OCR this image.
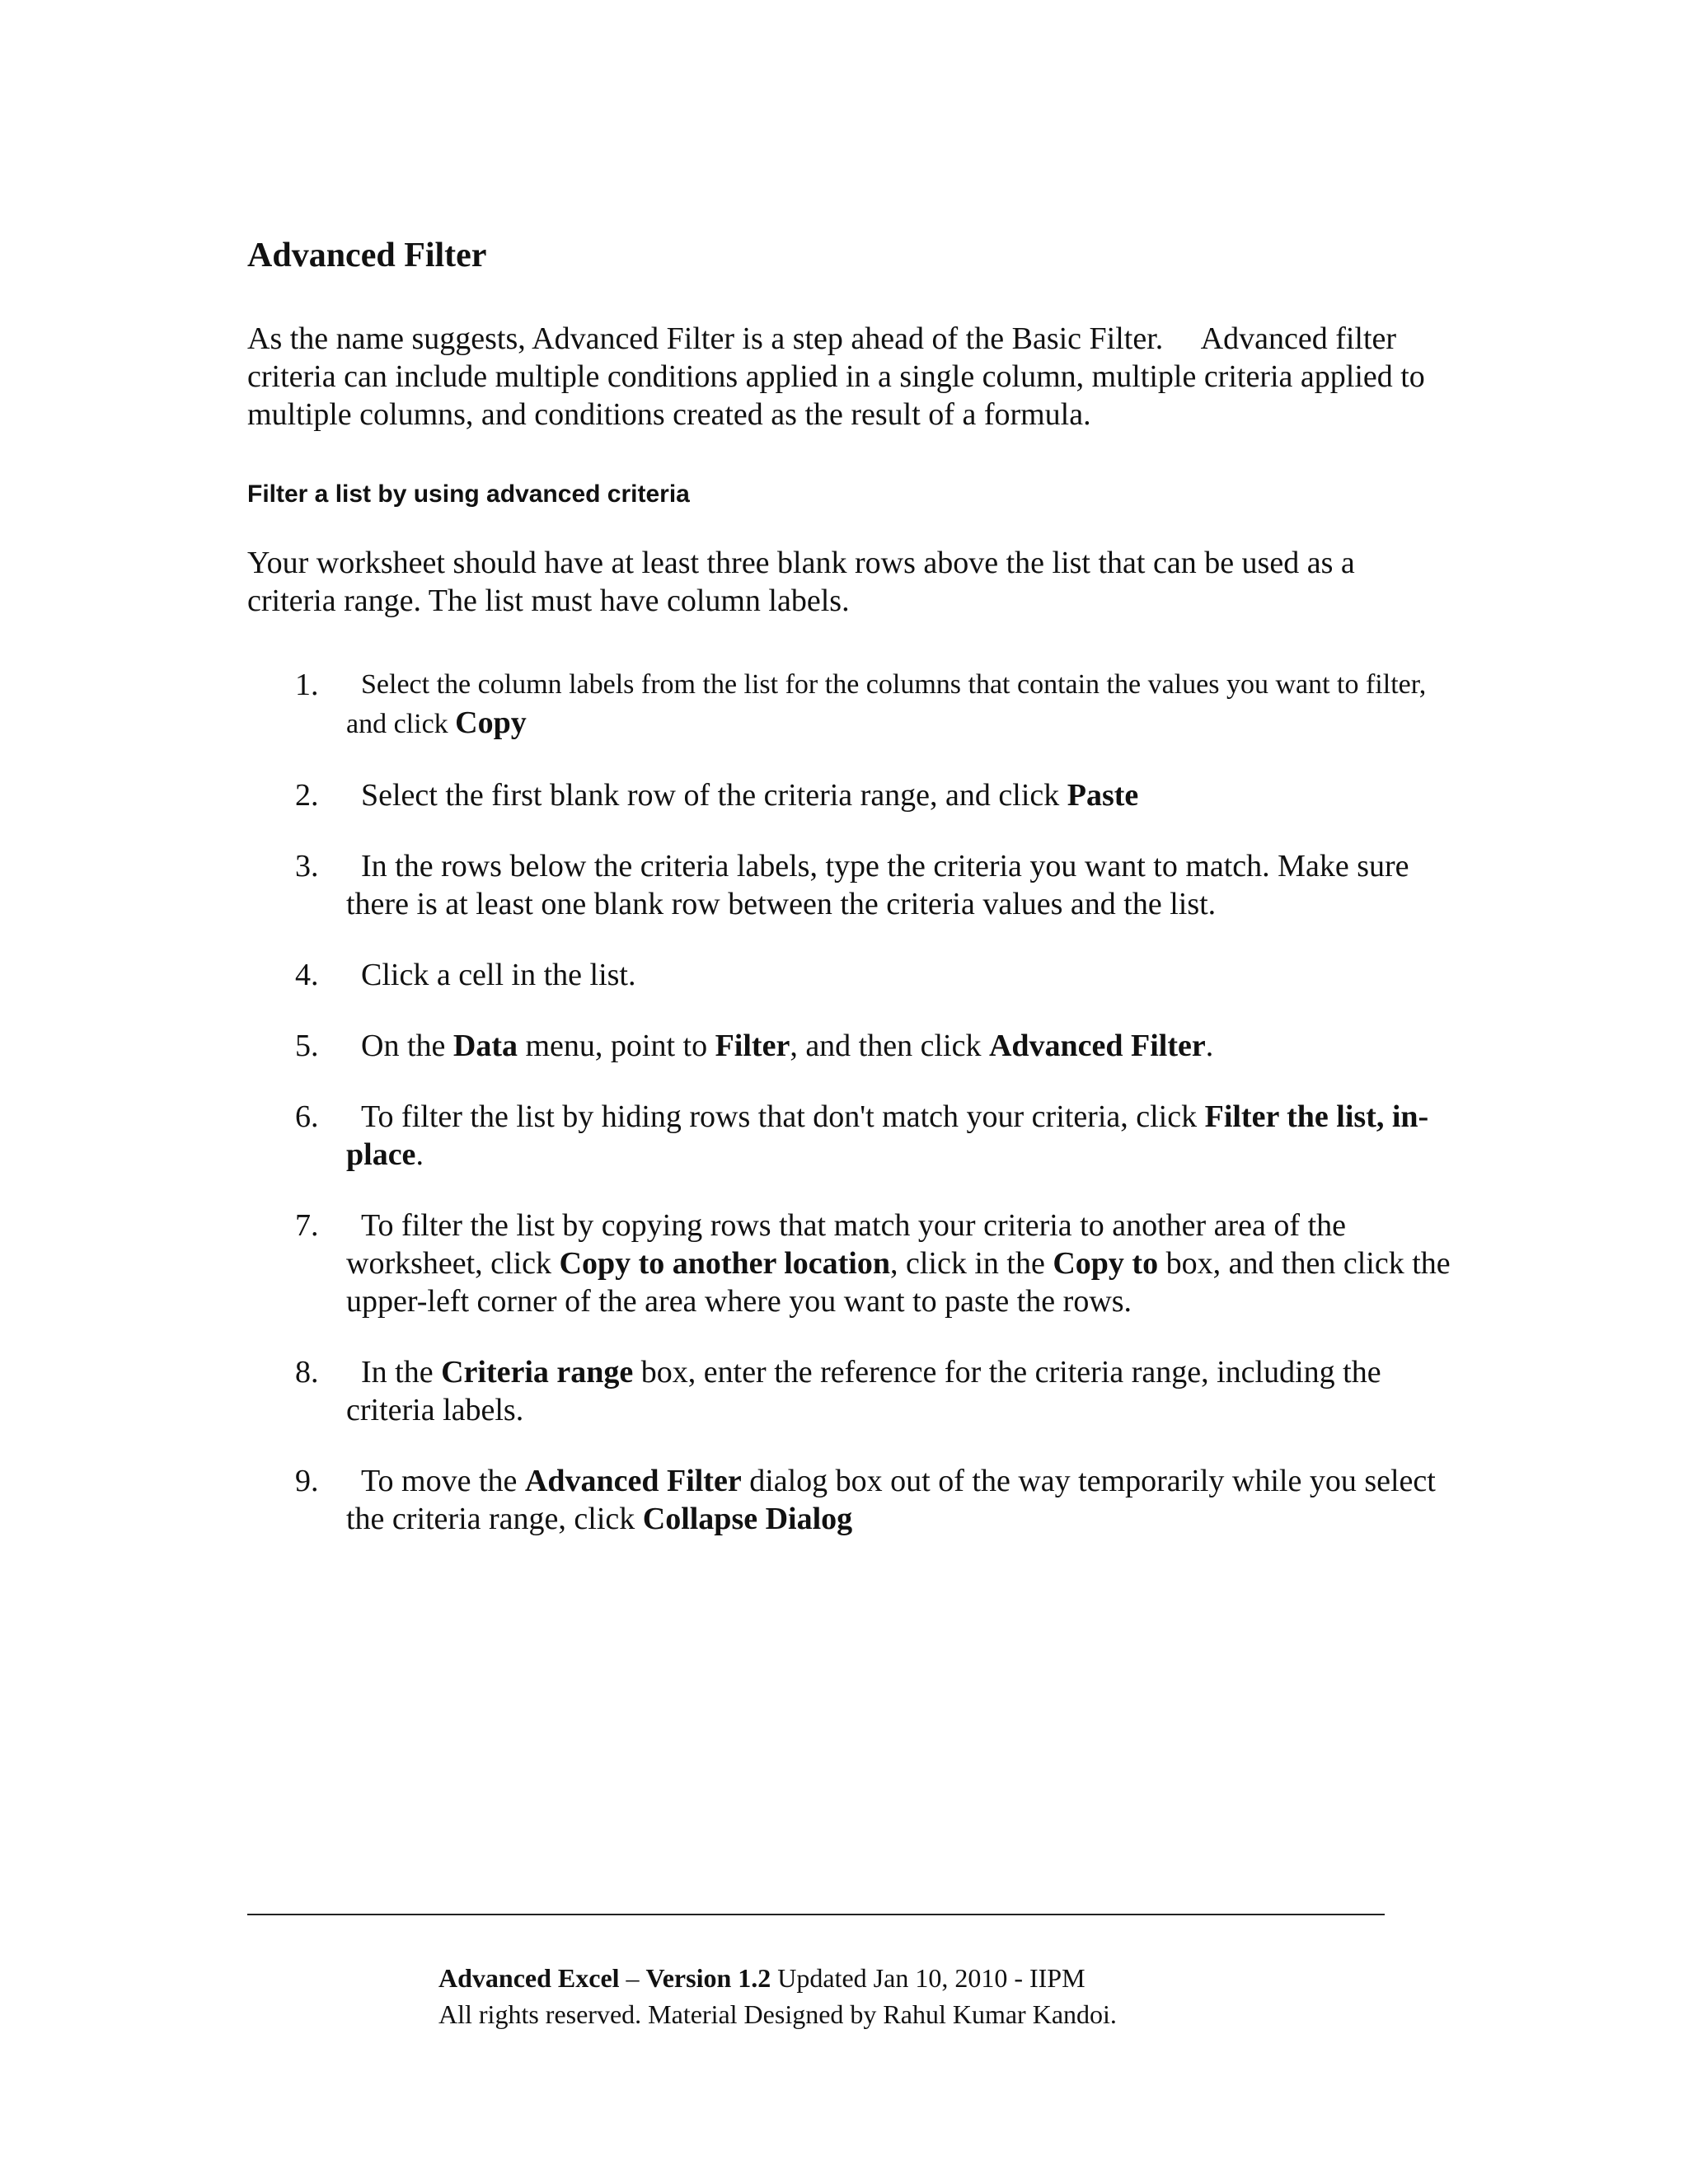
Advanced Filter

As the name suggests, Advanced Filter is a step ahead of the Basic Filter.     Advanced filter criteria can include multiple conditions applied in a single column, multiple criteria applied to multiple columns, and conditions created as the result of a formula.

Filter a list by using advanced criteria

Your worksheet should have at least three blank rows above the list that can be used as a criteria range. The list must have column labels.

1.	Select the column labels from the list for the columns that contain the values you want to filter, and click Copy
2.	Select the first blank row of the criteria range, and click Paste
3.	In the rows below the criteria labels, type the criteria you want to match. Make sure there is at least one blank row between the criteria values and the list.
4.	Click a cell in the list.
5.	On the Data menu, point to Filter, and then click Advanced Filter.
6.	To filter the list by hiding rows that don't match your criteria, click Filter the list, in-place.
7.	To filter the list by copying rows that match your criteria to another area of the worksheet, click Copy to another location, click in the Copy to box, and then click the upper-left corner of the area where you want to paste the rows.
8.	In the Criteria range box, enter the reference for the criteria range, including the criteria labels.
9.	To move the Advanced Filter dialog box out of the way temporarily while you select the criteria range, click Collapse Dialog
Advanced Excel – Version 1.2 Updated Jan 10, 2010 - IIPM
All rights reserved. Material Designed by Rahul Kumar Kandoi.
